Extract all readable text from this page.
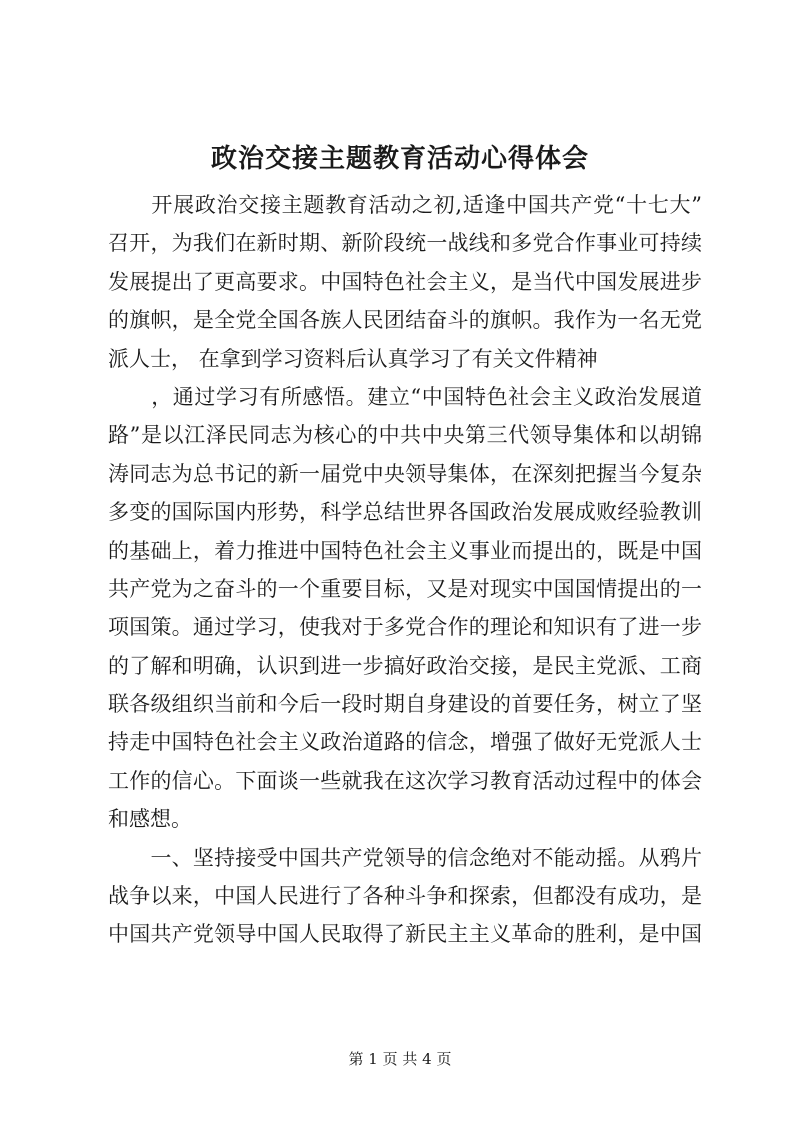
政治交接主题教育活动心得体会
　　开展政治交接主题教育活动之初,适逢中国共产党“十七大”
召开，为我们在新时期、新阶段统一战线和多党合作事业可持续
发展提出了更高要求。中国特色社会主义，是当代中国发展进步
的旗帜，是全党全国各族人民团结奋斗的旗帜。我作为一名无党
派人士， 在拿到学习资料后认真学习了有关文件精神
　　，通过学习有所感悟。建立“中国特色社会主义政治发展道
路”是以江泽民同志为核心的中共中央第三代领导集体和以胡锦
涛同志为总书记的新一届党中央领导集体，在深刻把握当今复杂
多变的国际国内形势，科学总结世界各国政治发展成败经验教训
的基础上，着力推进中国特色社会主义事业而提出的，既是中国
共产党为之奋斗的一个重要目标，又是对现实中国国情提出的一
项国策。通过学习，使我对于多党合作的理论和知识有了进一步
的了解和明确，认识到进一步搞好政治交接，是民主党派、工商
联各级组织当前和今后一段时期自身建设的首要任务，树立了坚
持走中国特色社会主义政治道路的信念，增强了做好无党派人士
工作的信心。下面谈一些就我在这次学习教育活动过程中的体会
和感想。
　　一、坚持接受中国共产党领导的信念绝对不能动摇。从鸦片
战争以来，中国人民进行了各种斗争和探索，但都没有成功，是
中国共产党领导中国人民取得了新民主主义革命的胜利，是中国
第 1 页 共 4 页
